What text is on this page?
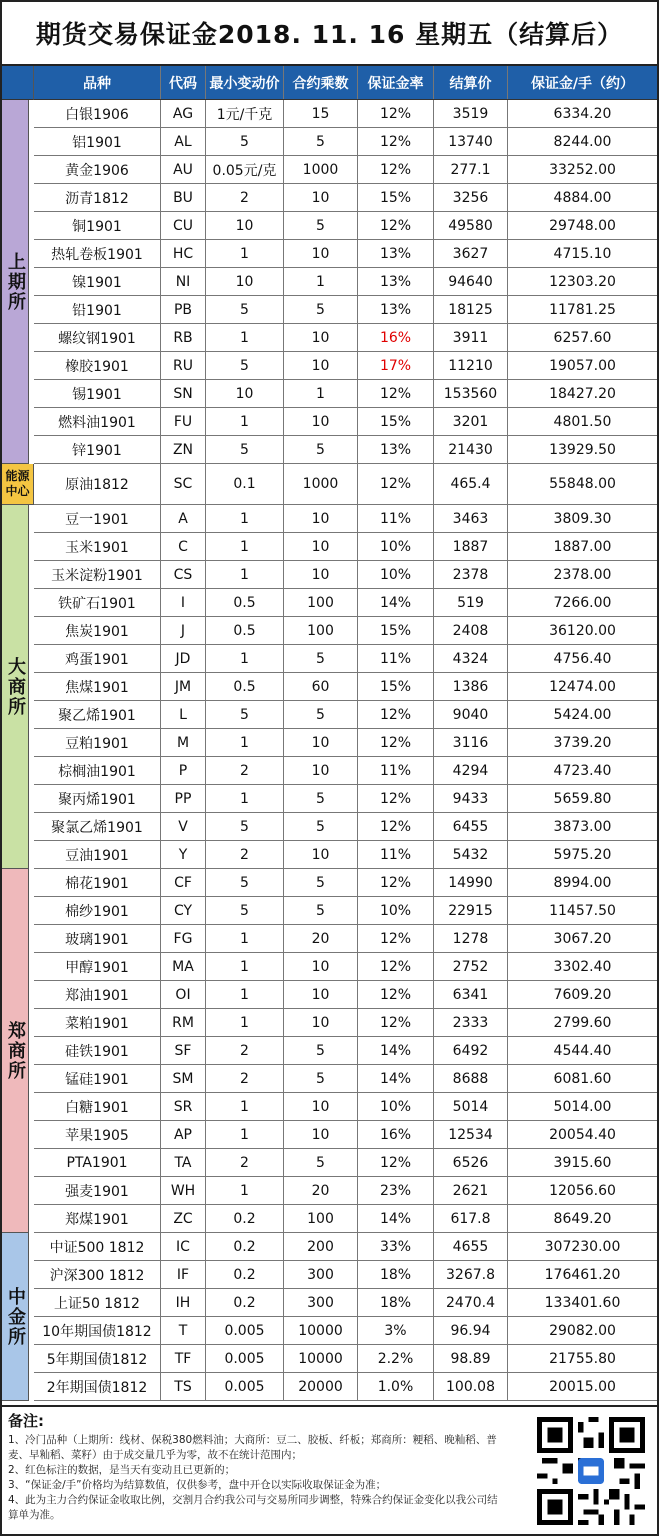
期货交易保证金2018. 11. 16 星期五（结算后）
上期所
能源中心
大商所
郑商所
中金所
品种	代码 最小变动价 合约乘数	保证金率	结算价	保证金/手（约）
白银1906	AG	1元/千克	15	12%	3519	6334.20
铝1901	AL	5	5	12%	13740	8244.00
黄金1906	AU	0.05元/克	1000	12%	277.1	33252.00
沥青1812	BU	2	10	15%	3256	4884.00
铜1901	CU	10	5	12%	49580	29748.00
热轧卷板1901	HC	1	10	13%	3627	4715.10
镍1901	NI	10	1	13%	94640	12303.20
铅1901	PB	5	5	13%	18125	11781.25
螺纹钢1901	RB	1	10	16%	3911	6257.60
橡胶1901	RU	5	10	17%	11210	19057.00
锡1901	SN	10	1	12%	153560	18427.20
燃料油1901	FU	1	10	15%	3201	4801.50
锌1901	ZN	5	5	13%	21430	13929.50
原油1812	SC	0.1	1000	12%	465.4	55848.00
豆一1901	A	1	10	11%	3463	3809.30
玉米1901	C	1	10	10%	1887	1887.00
玉米淀粉1901	CS	1	10	10%	2378	2378.00
铁矿石1901	I	0.5	100	14%	519	7266.00
焦炭1901	J	0.5	100	15%	2408	36120.00
鸡蛋1901	JD	1	5	11%	4324	4756.40
焦煤1901	JM	0.5	60	15%	1386	12474.00
聚乙烯1901	L	5	5	12%	9040	5424.00
豆粕1901	M	1	10	12%	3116	3739.20
棕榈油1901	P	2	10	11%	4294	4723.40
聚丙烯1901	PP	1	5	12%	9433	5659.80
聚氯乙烯1901	V	5	5	12%	6455	3873.00
豆油1901	Y	2	10	11%	5432	5975.20
棉花1901	CF	5	5	12%	14990	8994.00
棉纱1901	CY	5	5	10%	22915	11457.50
玻璃1901	FG	1	20	12%	1278	3067.20
甲醇1901	MA	1	10	12%	2752	3302.40
郑油1901	OI	1	10	12%	6341	7609.20
菜粕1901	RM	1	10	12%	2333	2799.60
硅铁1901	SF	2	5	14%	6492	4544.40
锰硅1901	SM	2	5	14%	8688	6081.60
白糖1901	SR	1	10	10%	5014	5014.00
苹果1905	AP	1	10	16%	12534	20054.40
PTA1901	TA	2	5	12%	6526	3915.60
强麦1901	WH	1	20	23%	2621	12056.60
郑煤1901	ZC	0.2	100	14%	617.8	8649.20
中证500 1812	IC	0.2	200	33%	4655	307230.00
沪深300 1812	IF	0.2	300	18%	3267.8	176461.20
上证50 1812	IH	0.2	300	18%	2470.4	133401.60
10年期国债1812	T	0.005	10000	3%	96.94	29082.00
5年期国债1812	TF	0.005	10000	2.2%	98.89	21755.80
2年期国债1812	TS	0.005	20000	1.0%	100.08	20015.00
备注:
1、冷门品种（上期所：线材、保税380燃料油；大商所：豆二、胶板、纤板；郑商所：粳稻、晚籼稻、普麦、早籼稻、菜籽）由于成交量几乎为零，故不在统计范围内；
2、红色标注的数据，是当天有变动且已更新的；
3、“保证金/手”价格均为结算数值，仅供参考，盘中开仓以实际收取保证金为准；
4、此为主力合约保证金收取比例，交割月合约我公司与交易所同步调整，特殊合约保证金变化以我公司结算单为准。
